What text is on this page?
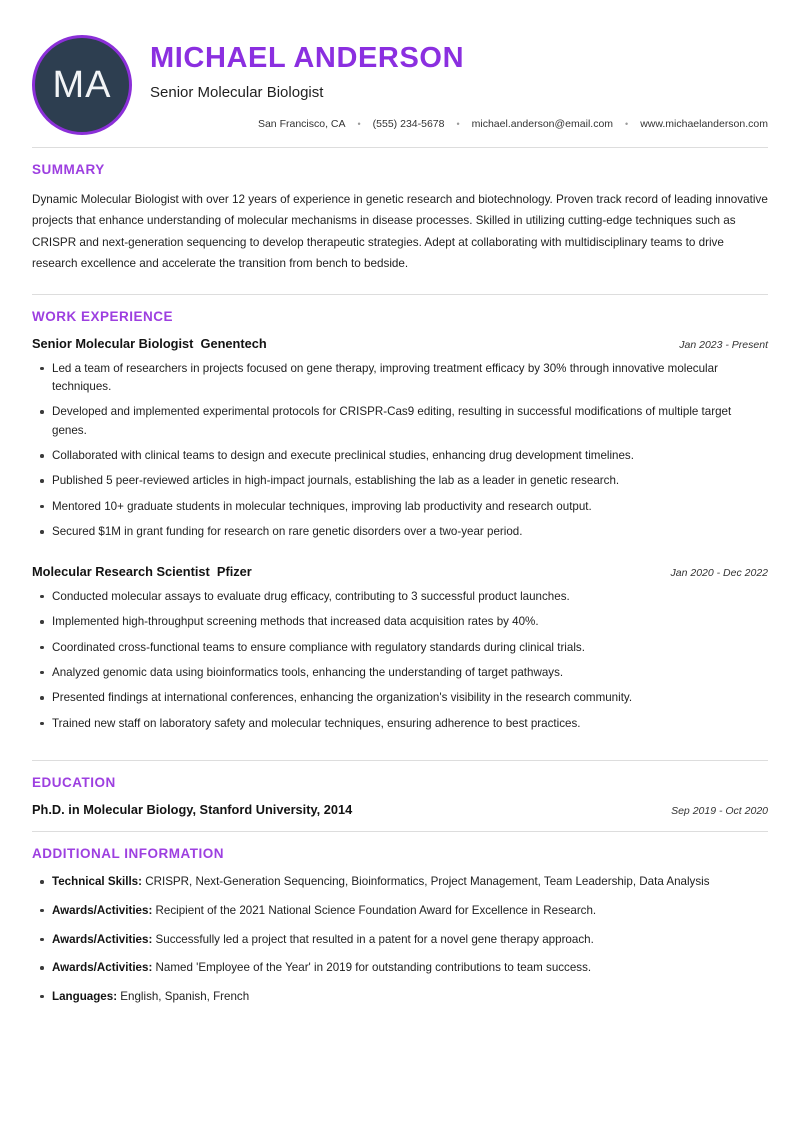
MA
MICHAEL ANDERSON
Senior Molecular Biologist
San Francisco, CA	•	(555) 234-5678	•	michael.anderson@email.com	•	www.michaelanderson.com
SUMMARY
Dynamic Molecular Biologist with over 12 years of experience in genetic research and biotechnology. Proven track record of leading innovative projects that enhance understanding of molecular mechanisms in disease processes. Skilled in utilizing cutting-edge techniques such as CRISPR and next-generation sequencing to develop therapeutic strategies. Adept at collaborating with multidisciplinary teams to drive research excellence and accelerate the transition from bench to bedside.
WORK EXPERIENCE
Senior Molecular Biologist  Genentech	Jan 2023 - Present
Led a team of researchers in projects focused on gene therapy, improving treatment efficacy by 30% through innovative molecular techniques.
Developed and implemented experimental protocols for CRISPR-Cas9 editing, resulting in successful modifications of multiple target genes.
Collaborated with clinical teams to design and execute preclinical studies, enhancing drug development timelines.
Published 5 peer-reviewed articles in high-impact journals, establishing the lab as a leader in genetic research.
Mentored 10+ graduate students in molecular techniques, improving lab productivity and research output.
Secured $1M in grant funding for research on rare genetic disorders over a two-year period.
Molecular Research Scientist  Pfizer	Jan 2020 - Dec 2022
Conducted molecular assays to evaluate drug efficacy, contributing to 3 successful product launches.
Implemented high-throughput screening methods that increased data acquisition rates by 40%.
Coordinated cross-functional teams to ensure compliance with regulatory standards during clinical trials.
Analyzed genomic data using bioinformatics tools, enhancing the understanding of target pathways.
Presented findings at international conferences, enhancing the organization's visibility in the research community.
Trained new staff on laboratory safety and molecular techniques, ensuring adherence to best practices.
EDUCATION
Ph.D. in Molecular Biology, Stanford University, 2014	Sep 2019 - Oct 2020
ADDITIONAL INFORMATION
Technical Skills: CRISPR, Next-Generation Sequencing, Bioinformatics, Project Management, Team Leadership, Data Analysis
Awards/Activities: Recipient of the 2021 National Science Foundation Award for Excellence in Research.
Awards/Activities: Successfully led a project that resulted in a patent for a novel gene therapy approach.
Awards/Activities: Named 'Employee of the Year' in 2019 for outstanding contributions to team success.
Languages: English, Spanish, French
